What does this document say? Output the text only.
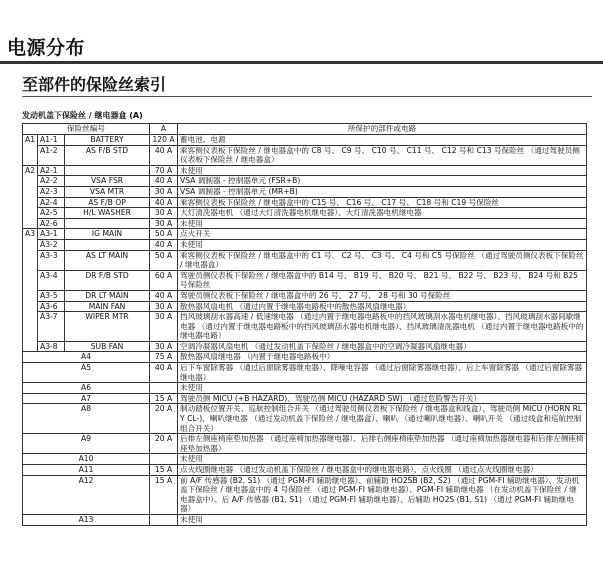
电源分布
至部件的保险丝索引
发动机盖下保险丝 / 继电器盒 (A)
保险丝编号			A	所保护的部件或电路
A1	A1-1	BATTERY	120 A	蓄电池、电源
	A1-2	AS F/B STD	40 A	乘客侧仪表板下保险丝 / 继电器盒中的 C8 号、 C9 号、 C10 号、 C11 号、 C12 号和 C13 号保险丝 （通过驾驶员侧仪表板下保险丝 / 继电器盒）
A2	A2-1		70 A	未使用
	A2-2	VSA FSR	40 A	VSA 调制器 - 控制器单元 (FSR+B)
	A2-3	VSA MTR	30 A	VSA 调制器 - 控制器单元 (MR+B)
	A2-4	AS F/B OP	40 A	乘客侧仪表板下保险丝 / 继电器盒中的 C15 号、 C16 号、 C17 号、 C18 号和 C19 号保险丝
	A2-5	H/L WASHER	30 A	大灯清洗器电机 （通过大灯清洗器电机继电器）、大灯清洗器电机继电器
	A2-6		30 A	未使用
A3	A3-1	IG MAIN	50 A	点火开关
	A3-2		40 A	未使用
	A3-3	AS LT MAIN	50 A	乘客侧仪表板下保险丝 / 继电器盒中的 C1 号、 C2 号、 C3 号、 C4 号和 C5 号保险丝 （通过驾驶员侧仪表板下保险丝 / 继电器盒）
	A3-4	DR F/B STD	60 A	驾驶员侧仪表板下保险丝 / 继电器盒中的 B14 号、 B19 号、 B20 号、 B21 号、 B22 号、 B23 号、 B24 号和 B25 号保险丝
	A3-5	DR LT MAIN	40 A	驾驶员侧仪表板下保险丝 / 继电器盒中的 26 号、 27 号、 28 号和 30 号保险丝
	A3-6	MAIN FAN	30 A	散热器风扇电机 （通过内置于继电器电路板中的散热器风扇继电器）
	A3-7	WIPER MTR	30 A	挡风玻璃刮水器高速 / 低速继电器 （通过内置于继电器电路板中的挡风玻璃刮水器电机继电器）、挡风玻璃刮水器间歇继电器 （通过内置于继电器电路板中的挡风玻璃刮水器电机继电器）、挡风玻璃清洗器电机 （通过内置于继电器电路板中的继电器电路）
	A3-8	SUB FAN	30 A	空调冷凝器风扇电机 （通过发动机盖下保险丝 / 继电器盒中的空调冷凝器风扇继电器）
A4			75 A	散热器风扇继电器 （内置于继电器电路板中）
A5			40 A	后下车窗除雾器 （通过后窗除雾器继电器）、降噪电容器 （通过后窗除雾器继电器）、后上车窗除雾器 （通过后窗除雾器继电器）
A6				未使用
A7			15 A	驾驶员侧 MICU (+B HAZARD)、驾驶员侧 MICU (HAZARD SW) （通过危险警告开关）
A8			20 A	制动踏板位置开关、巡航控制组合开关 （通过驾驶员侧仪表板下保险丝 / 继电器盒和线盒）、驾驶员侧 MICU (HORN RLY CL-)、喇叭继电器 （通过发动机盖下保险丝 / 继电器盒）、喇叭 （通过喇叭继电器）、喇叭开关 （通过线盒和巡航控制组合开关）
A9			20 A	后排左侧座椅座垫加热器 （通过座椅加热器继电器）、后排右侧座椅座垫加热器 （通过座椅加热器继电器和后排左侧座椅座垫加热器）
A10				未使用
A11			15 A	点火线圈继电器 （通过发动机盖下保险丝 / 继电器盒中的继电器电路）、点火线圈 （通过点火线圈继电器）
A12			15 A	前 A/F 传感器 (B2, S1) （通过 PGM-FI 辅助继电器）、前辅助 HO2SB (B2, S2) （通过 PGM-FI 辅助继电器）、发动机盖下保险丝 / 继电器盒中的 4 号保险丝 （通过 PGM-FI 辅助继电器）、PGM-FI 辅助继电器 （在发动机盖下保险丝 / 继电器盒中）、后 A/F 传感器 (B1, S1) （通过 PGM-FI 辅助继电器）、后辅助 HO2S (B1, S1) （通过 PGM-FI 辅助继电器）
A13				未使用
